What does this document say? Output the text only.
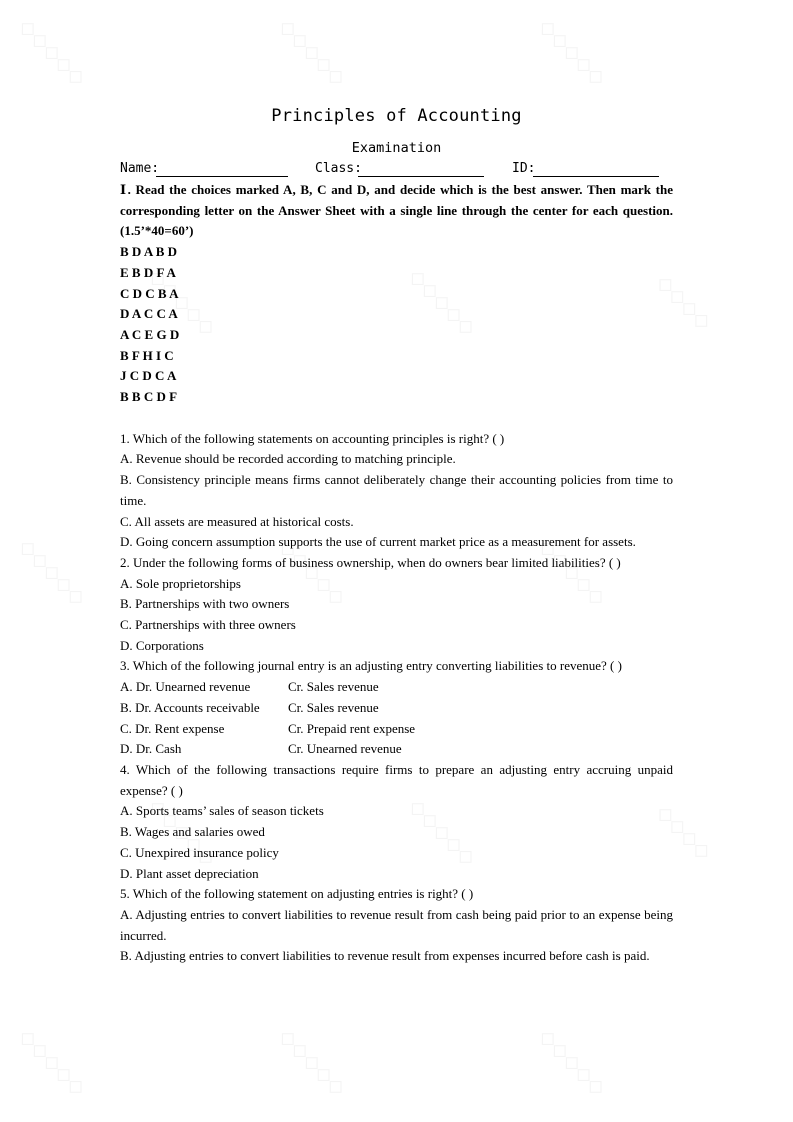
Principles of Accounting
Examination
Name:	Class:	ID:
Ⅰ. Read the choices marked A, B, C and D, and decide which is the best answer. Then mark the corresponding letter on the Answer Sheet with a single line through the center for each question. (1.5’*40=60’)
B D A B D
E B D F A
C D C B A
D A C C A
A C E G D
B F H I C
J C D C A
B B C D F
1. Which of the following statements on accounting principles is right? ( )
A. Revenue should be recorded according to matching principle.
B. Consistency principle means firms cannot deliberately change their accounting policies from time to time.
C. All assets are measured at historical costs.
D. Going concern assumption supports the use of current market price as a measurement for assets.
2. Under the following forms of business ownership, when do owners bear limited liabilities? ( )
A. Sole proprietorships
B. Partnerships with two owners
C. Partnerships with three owners
D. Corporations
3. Which of the following journal entry is an adjusting entry converting liabilities to revenue? ( )
A. Dr. Unearned revenue	Cr. Sales revenue
B. Dr. Accounts receivable Cr. Sales revenue
C. Dr. Rent expense	Cr. Prepaid rent expense
D. Dr. Cash	Cr. Unearned revenue
4. Which of the following transactions require firms to prepare an adjusting entry accruing unpaid expense? ( )
A. Sports teams’ sales of season tickets
B. Wages and salaries owed
C. Unexpired insurance policy
D. Plant asset depreciation
5. Which of the following statement on adjusting entries is right? ( )
A. Adjusting entries to convert liabilities to revenue result from cash being paid prior to an expense being incurred.
B. Adjusting entries to convert liabilities to revenue result from expenses incurred before cash is paid.
